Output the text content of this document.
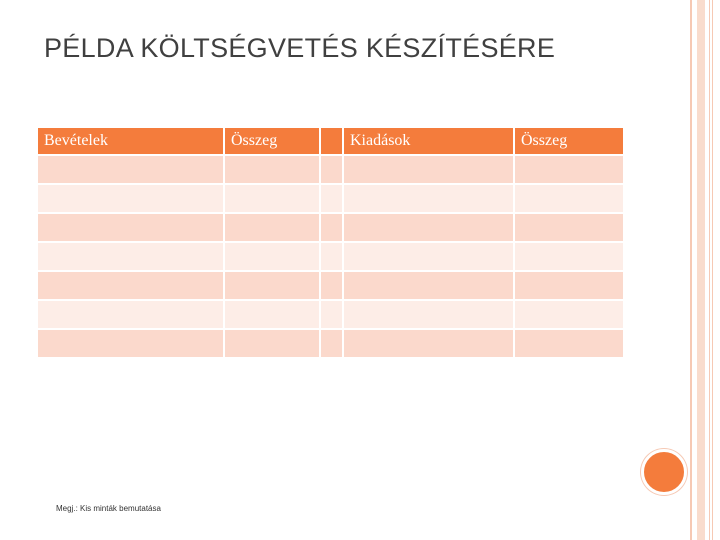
PÉLDA KÖLTSÉGVETÉS KÉSZÍTÉSÉRE
Bevételek	Összeg		Kiadások	Összeg

Megj.: Kis minták bemutatása
